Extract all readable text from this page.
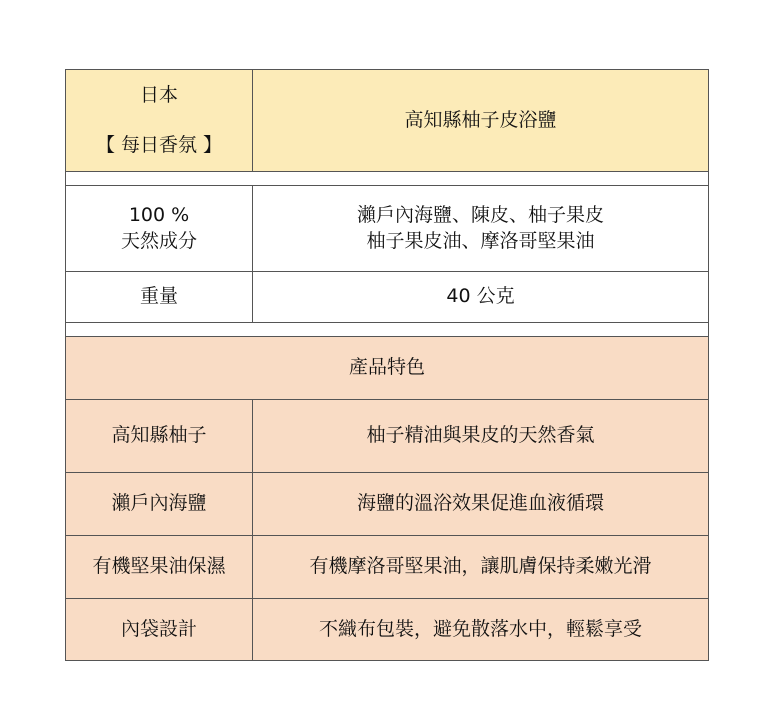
日本
【 每日香氛 】	高知縣柚子皮浴鹽

100 %
天然成分	瀨戶內海鹽、陳皮、柚子果皮
柚子果皮油、摩洛哥堅果油

重量	40 公克

產品特色	
高知縣柚子	柚子精油與果皮的天然香氣
瀨戶內海鹽	海鹽的溫浴效果促進血液循環
有機堅果油保濕	有機摩洛哥堅果油，讓肌膚保持柔嫩光滑
內袋設計	不織布包裝，避免散落水中，輕鬆享受
